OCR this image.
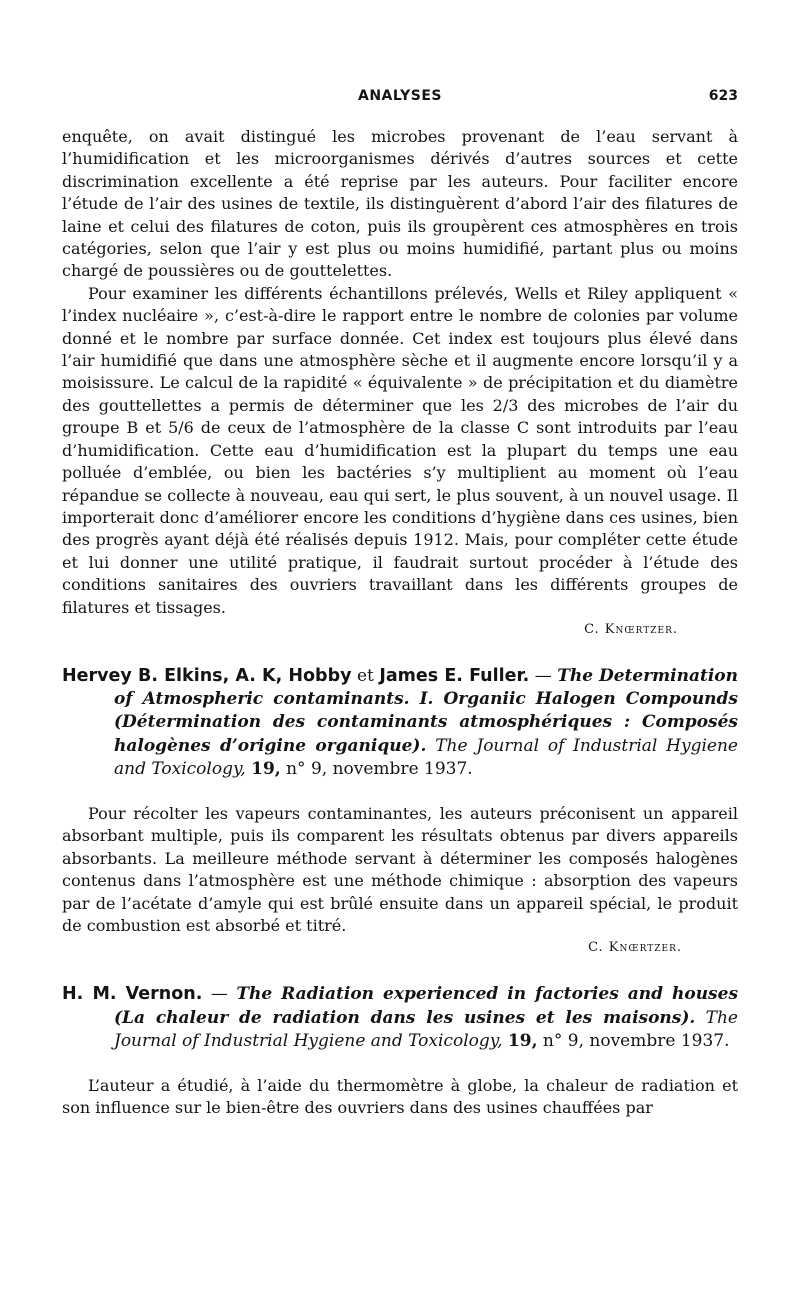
ANALYSES	623

enquête, on avait distingué les microbes provenant de l’eau servant à l’humidification et les microorganismes dérivés d’autres sources et cette discrimination excellente a été reprise par les auteurs. Pour faciliter encore l’étude de l’air des usines de textile, ils distinguèrent d’abord l’air des filatures de laine et celui des filatures de coton, puis ils groupèrent ces atmosphères en trois catégories, selon que l’air y est plus ou moins humidifié, partant plus ou moins chargé de poussières ou de gouttelettes.

Pour examiner les différents échantillons prélevés, Wells et Riley appliquent « l’index nucléaire », c’est-à-dire le rapport entre le nombre de colonies par volume donné et le nombre par surface donnée. Cet index est toujours plus élevé dans l’air humidifié que dans une atmosphère sèche et il augmente encore lorsqu’il y a moisissure. Le calcul de la rapidité « équivalente » de précipitation et du diamètre des gouttellettes a permis de déterminer que les 2/3 des microbes de l’air du groupe B et 5/6 de ceux de l’atmosphère de la classe C sont introduits par l’eau d’humidification. Cette eau d’humidification est la plupart du temps une eau polluée d’emblée, ou bien les bactéries s’y multiplient au moment où l’eau répandue se collecte à nouveau, eau qui sert, le plus souvent, à un nouvel usage. Il importerait donc d’améliorer encore les conditions d’hygiène dans ces usines, bien des progrès ayant déjà été réalisés depuis 1912. Mais, pour compléter cette étude et lui donner une utilité pratique, il faudrait surtout procéder à l’étude des conditions sanitaires des ouvriers travaillant dans les différents groupes de filatures et tissages.

C. Knœrtzer.

Hervey B. Elkins, A. K, Hobby et James E. Fuller. — The Determination of Atmospheric contaminants. I. Organiic Halogen Compounds (Détermination des contaminants atmosphériques : Composés halogènes d’origine organique). The Journal of Industrial Hygiene and Toxicology, 19, n° 9, novembre 1937.

Pour récolter les vapeurs contaminantes, les auteurs préconisent un appareil absorbant multiple, puis ils comparent les résultats obtenus par divers appareils absorbants. La meilleure méthode servant à déterminer les composés halogènes contenus dans l’atmosphère est une méthode chimique : absorption des vapeurs par de l’acétate d’amyle qui est brûlé ensuite dans un appareil spécial, le produit de combustion est absorbé et titré.

C. Knœrtzer.

H. M. Vernon. — The Radiation experienced in factories and houses (La chaleur de radiation dans les usines et les maisons). The Journal of Industrial Hygiene and Toxicology, 19, n° 9, novembre 1937.

L’auteur a étudié, à l’aide du thermomètre à globe, la chaleur de radiation et son influence sur le bien-être des ouvriers dans des usines chauffées par
